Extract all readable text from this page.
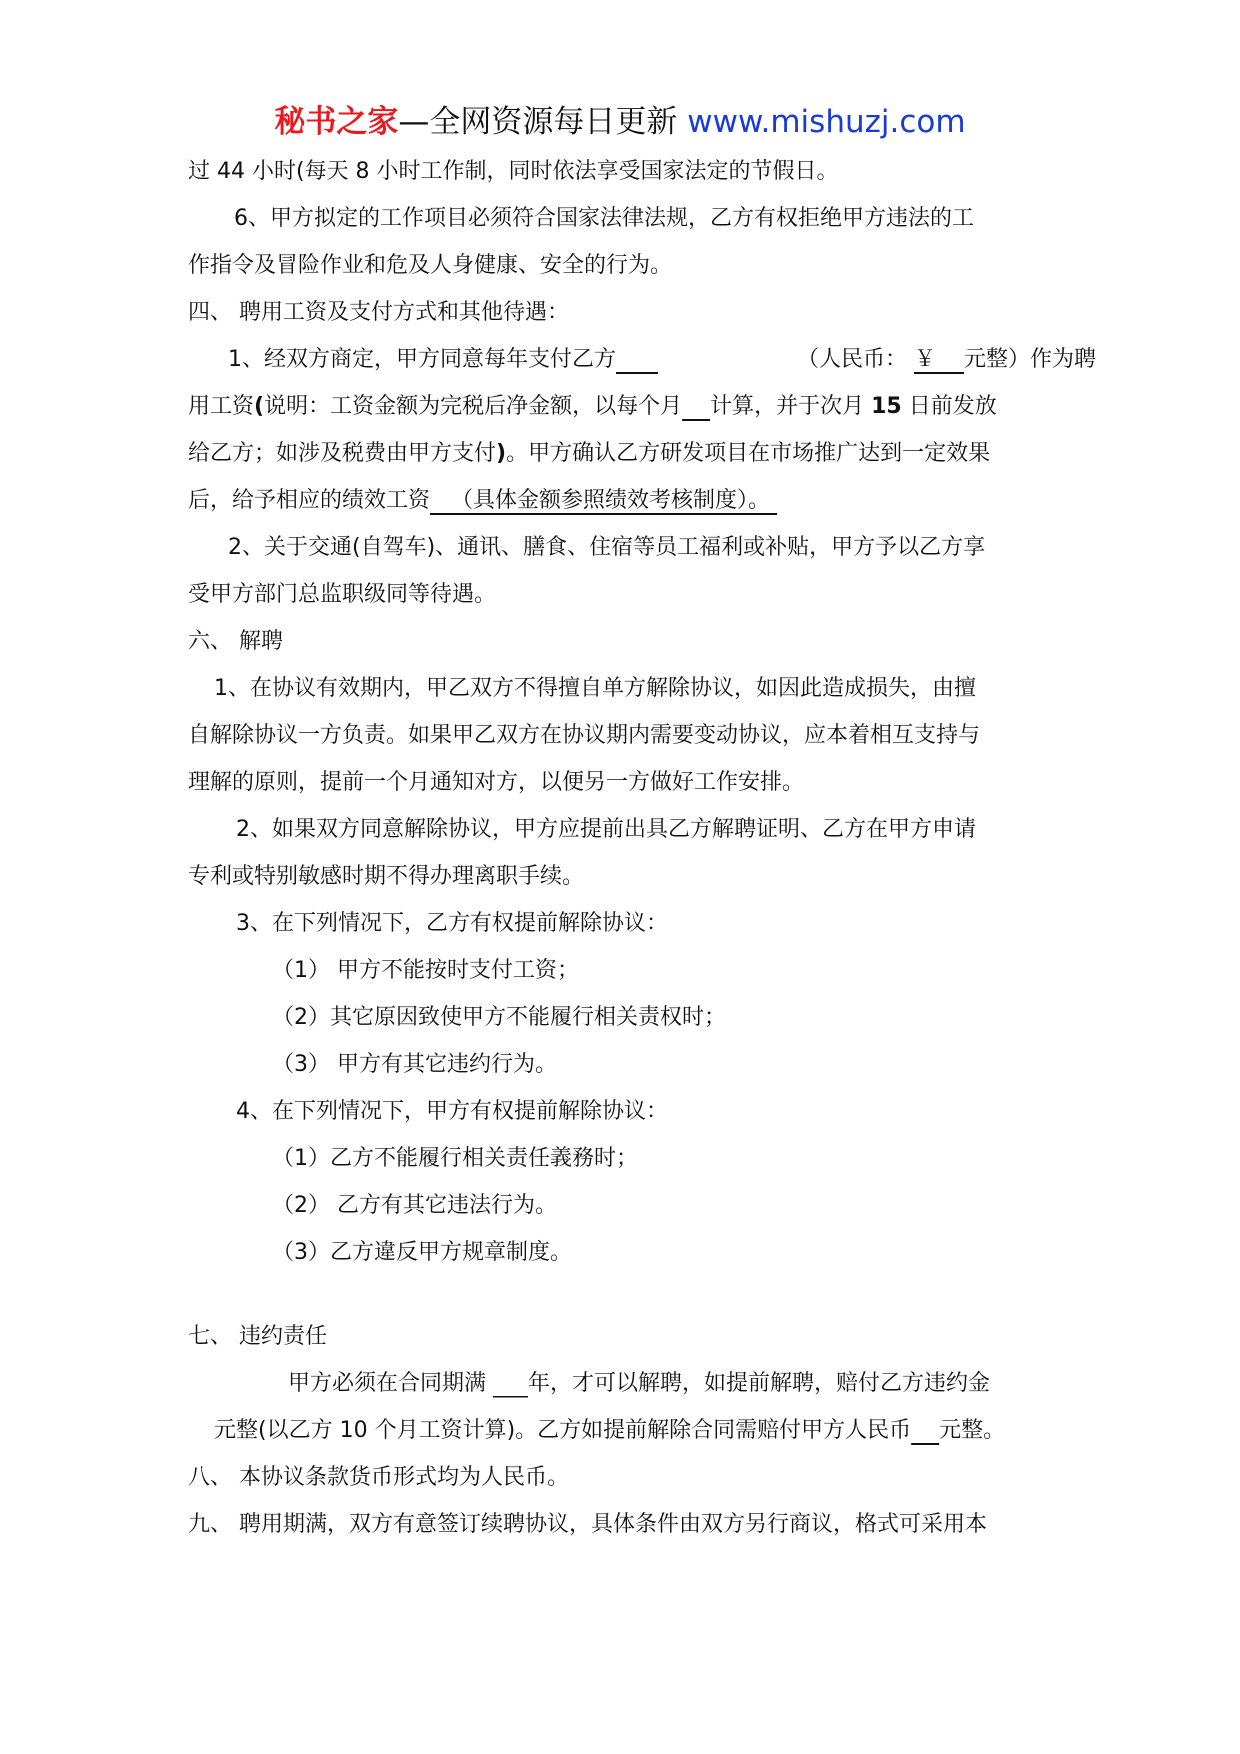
秘书之家—全网资源每日更新 www.mishuzj.com
过 44 小时(每天 8 小时工作制，同时依法享受国家法定的节假日。
6、甲方拟定的工作项目必须符合国家法律法规，乙方有权拒绝甲方违法的工
作指令及冒险作业和危及人身健康、安全的行为。
四、 聘用工资及支付方式和其他待遇：
1、经双方商定，甲方同意每年支付乙方	（人民币： ￥ 元整）作为聘
用工资(说明：工资金额为完税后净金额，以每个月 计算，并于次月 15 日前发放
给乙方；如涉及税费由甲方支付)。甲方确认乙方研发项目在市场推广达到一定效果
后，给予相应的绩效工资 （具体金额参照绩效考核制度）。
2、关于交通(自驾车)、通讯、膳食、住宿等员工福利或补贴，甲方予以乙方享
受甲方部门总监职级同等待遇。
六、 解聘
1、在协议有效期内，甲乙双方不得擅自单方解除协议，如因此造成损失，由擅
自解除协议一方负责。如果甲乙双方在协议期内需要变动协议，应本着相互支持与
理解的原则，提前一个月通知对方，以便另一方做好工作安排。
2、如果双方同意解除协议，甲方应提前出具乙方解聘证明、乙方在甲方申请
专利或特别敏感时期不得办理离职手续。
3、在下列情况下，乙方有权提前解除协议：
（1） 甲方不能按时支付工资；
（2）其它原因致使甲方不能履行相关责权时；
（3） 甲方有其它违约行为。
4、在下列情况下，甲方有权提前解除协议：
（1）乙方不能履行相关责任義務时；
（2） 乙方有其它违法行为。
（3）乙方違反甲方规章制度。
七、 违约责任
甲方必须在合同期满 年，才可以解聘，如提前解聘，赔付乙方违约金
元整(以乙方 10 个月工资计算)。乙方如提前解除合同需赔付甲方人民币 元整。
八、 本协议条款货币形式均为人民币。
九、 聘用期满，双方有意签订续聘协议，具体条件由双方另行商议，格式可采用本
